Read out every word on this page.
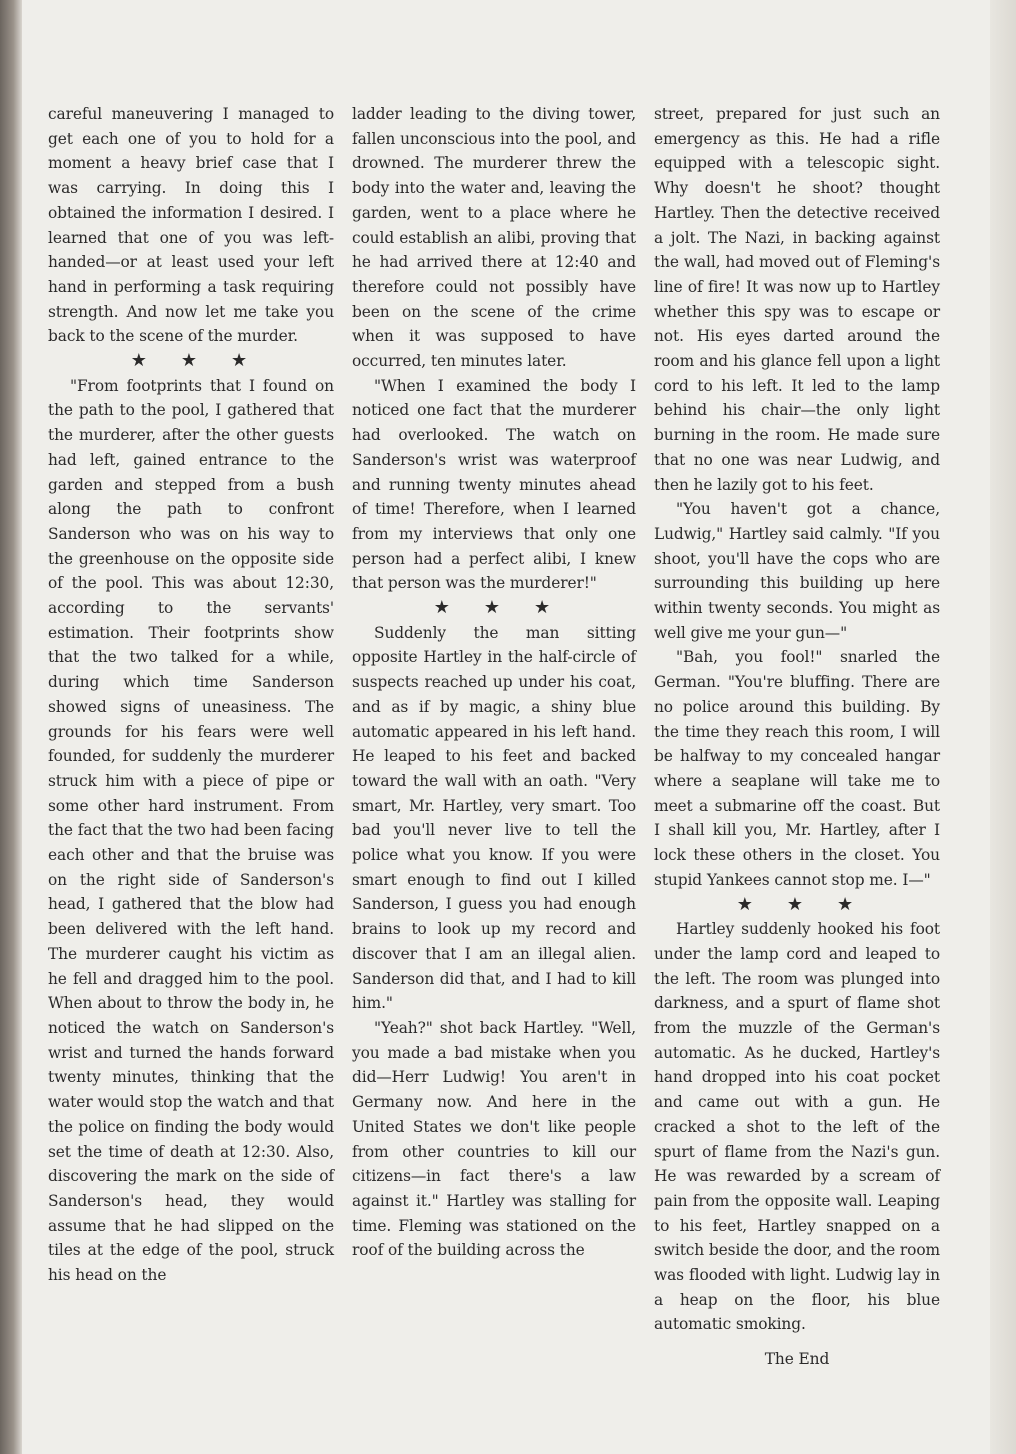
careful maneuvering I managed to get each one of you to hold for a moment a heavy brief case that I was carrying. In doing this I obtained the information I desired. I learned that one of you was left-handed—or at least used your left hand in performing a task requiring strength. And now let me take you back to the scene of the murder.

★★★

"From footprints that I found on the path to the pool, I gathered that the murderer, after the other guests had left, gained entrance to the garden and stepped from a bush along the path to confront Sanderson who was on his way to the greenhouse on the opposite side of the pool. This was about 12:30, according to the servants' estimation. Their footprints show that the two talked for a while, during which time Sanderson showed signs of uneasiness. The grounds for his fears were well founded, for suddenly the murderer struck him with a piece of pipe or some other hard instrument. From the fact that the two had been facing each other and that the bruise was on the right side of Sanderson's head, I gathered that the blow had been delivered with the left hand. The murderer caught his victim as he fell and dragged him to the pool. When about to throw the body in, he noticed the watch on Sanderson's wrist and turned the hands forward twenty minutes, thinking that the water would stop the watch and that the police on finding the body would set the time of death at 12:30. Also, discovering the mark on the side of Sanderson's head, they would assume that he had slipped on the tiles at the edge of the pool, struck his head on the

ladder leading to the diving tower, fallen unconscious into the pool, and drowned. The murderer threw the body into the water and, leaving the garden, went to a place where he could establish an alibi, proving that he had arrived there at 12:40 and therefore could not possibly have been on the scene of the crime when it was supposed to have occurred, ten minutes later.

"When I examined the body I noticed one fact that the murderer had overlooked. The watch on Sanderson's wrist was waterproof and running twenty minutes ahead of time! Therefore, when I learned from my interviews that only one person had a perfect alibi, I knew that person was the murderer!"

★★★

Suddenly the man sitting opposite Hartley in the half-circle of suspects reached up under his coat, and as if by magic, a shiny blue automatic appeared in his left hand. He leaped to his feet and backed toward the wall with an oath. "Very smart, Mr. Hartley, very smart. Too bad you'll never live to tell the police what you know. If you were smart enough to find out I killed Sanderson, I guess you had enough brains to look up my record and discover that I am an illegal alien. Sanderson did that, and I had to kill him."

"Yeah?" shot back Hartley. "Well, you made a bad mistake when you did—Herr Ludwig! You aren't in Germany now. And here in the United States we don't like people from other countries to kill our citizens—in fact there's a law against it." Hartley was stalling for time. Fleming was stationed on the roof of the building across the

street, prepared for just such an emergency as this. He had a rifle equipped with a telescopic sight. Why doesn't he shoot? thought Hartley. Then the detective received a jolt. The Nazi, in backing against the wall, had moved out of Fleming's line of fire! It was now up to Hartley whether this spy was to escape or not. His eyes darted around the room and his glance fell upon a light cord to his left. It led to the lamp behind his chair—the only light burning in the room. He made sure that no one was near Ludwig, and then he lazily got to his feet.

"You haven't got a chance, Ludwig," Hartley said calmly. "If you shoot, you'll have the cops who are surrounding this building up here within twenty seconds. You might as well give me your gun—"

"Bah, you fool!" snarled the German. "You're bluffing. There are no police around this building. By the time they reach this room, I will be halfway to my concealed hangar where a seaplane will take me to meet a submarine off the coast. But I shall kill you, Mr. Hartley, after I lock these others in the closet. You stupid Yankees cannot stop me. I—"

★★★

Hartley suddenly hooked his foot under the lamp cord and leaped to the left. The room was plunged into darkness, and a spurt of flame shot from the muzzle of the German's automatic. As he ducked, Hartley's hand dropped into his coat pocket and came out with a gun. He cracked a shot to the left of the spurt of flame from the Nazi's gun. He was rewarded by a scream of pain from the opposite wall. Leaping to his feet, Hartley snapped on a switch beside the door, and the room was flooded with light. Ludwig lay in a heap on the floor, his blue automatic smoking.

The End
